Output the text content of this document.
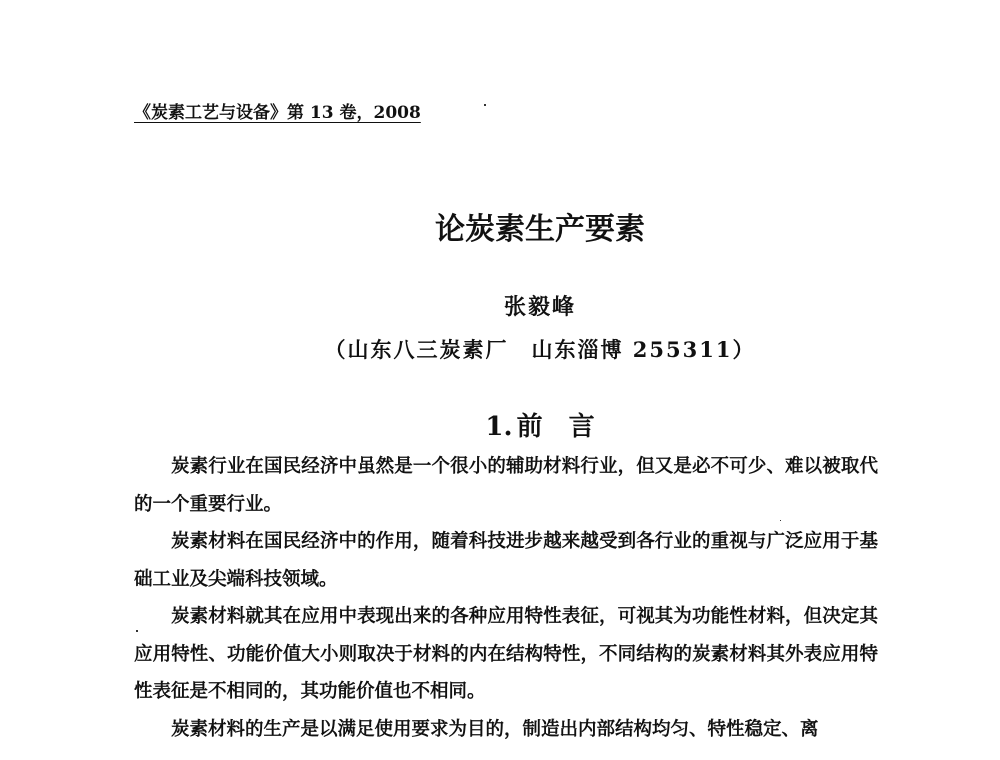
《炭素工艺与设备》第 13 卷，2008
论炭素生产要素
张毅峰
（山东八三炭素厂　山东淄博 255311）
1. 前 言

炭素行业在国民经济中虽然是一个很小的辅助材料行业，但又是必不可少、难以被取代的一个重要行业。

炭素材料在国民经济中的作用，随着科技进步越来越受到各行业的重视与广泛应用于基础工业及尖端科技领域。

炭素材料就其在应用中表现出来的各种应用特性表征，可视其为功能性材料，但决定其应用特性、功能价值大小则取决于材料的内在结构特性，不同结构的炭素材料其外表应用特性表征是不相同的，其功能价值也不相同。

炭素材料的生产是以满足使用要求为目的，制造出内部结构均匀、特性稳定、离
